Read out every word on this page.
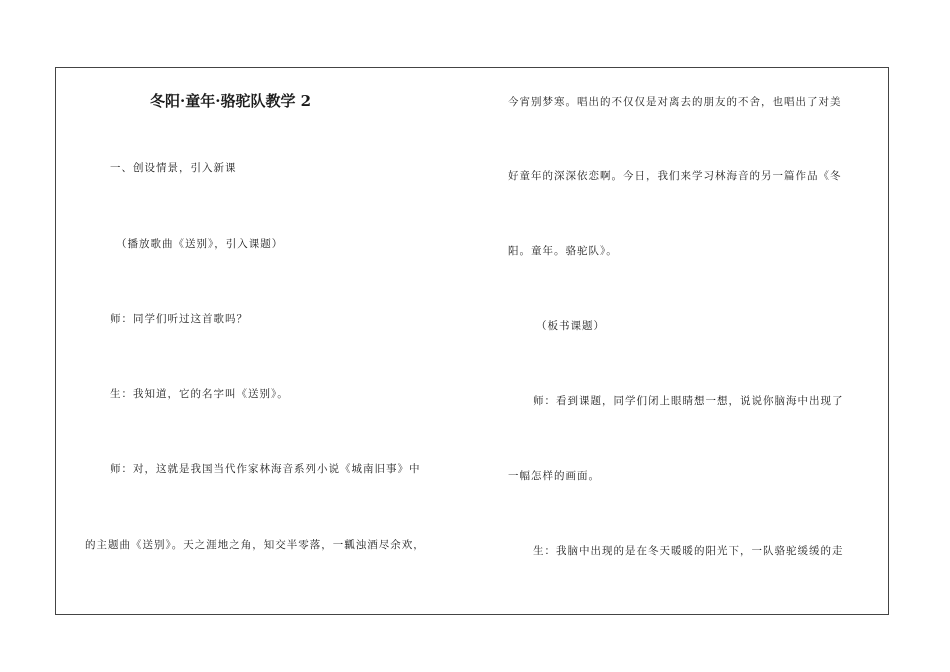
冬阳·童年·骆驼队教学 2
一、创设情景，引入新课
（播放歌曲《送别》，引入课题）
师：同学们听过这首歌吗？
生：我知道，它的名字叫《送别》。
师：对，这就是我国当代作家林海音系列小说《城南旧事》中
的主题曲《送别》。天之涯地之角，知交半零落，一瓤浊酒尽余欢，
今宵别梦寒。唱出的不仅仅是对离去的朋友的不舍，也唱出了对美
好童年的深深依恋啊。今日，我们来学习林海音的另一篇作品《冬
阳。童年。骆驼队》。
（板书课题）
师：看到课题，同学们闭上眼睛想一想，说说你脑海中出现了
一幅怎样的画面。
生：我脑中出现的是在冬天暖暖的阳光下，一队骆驼缓缓的走
